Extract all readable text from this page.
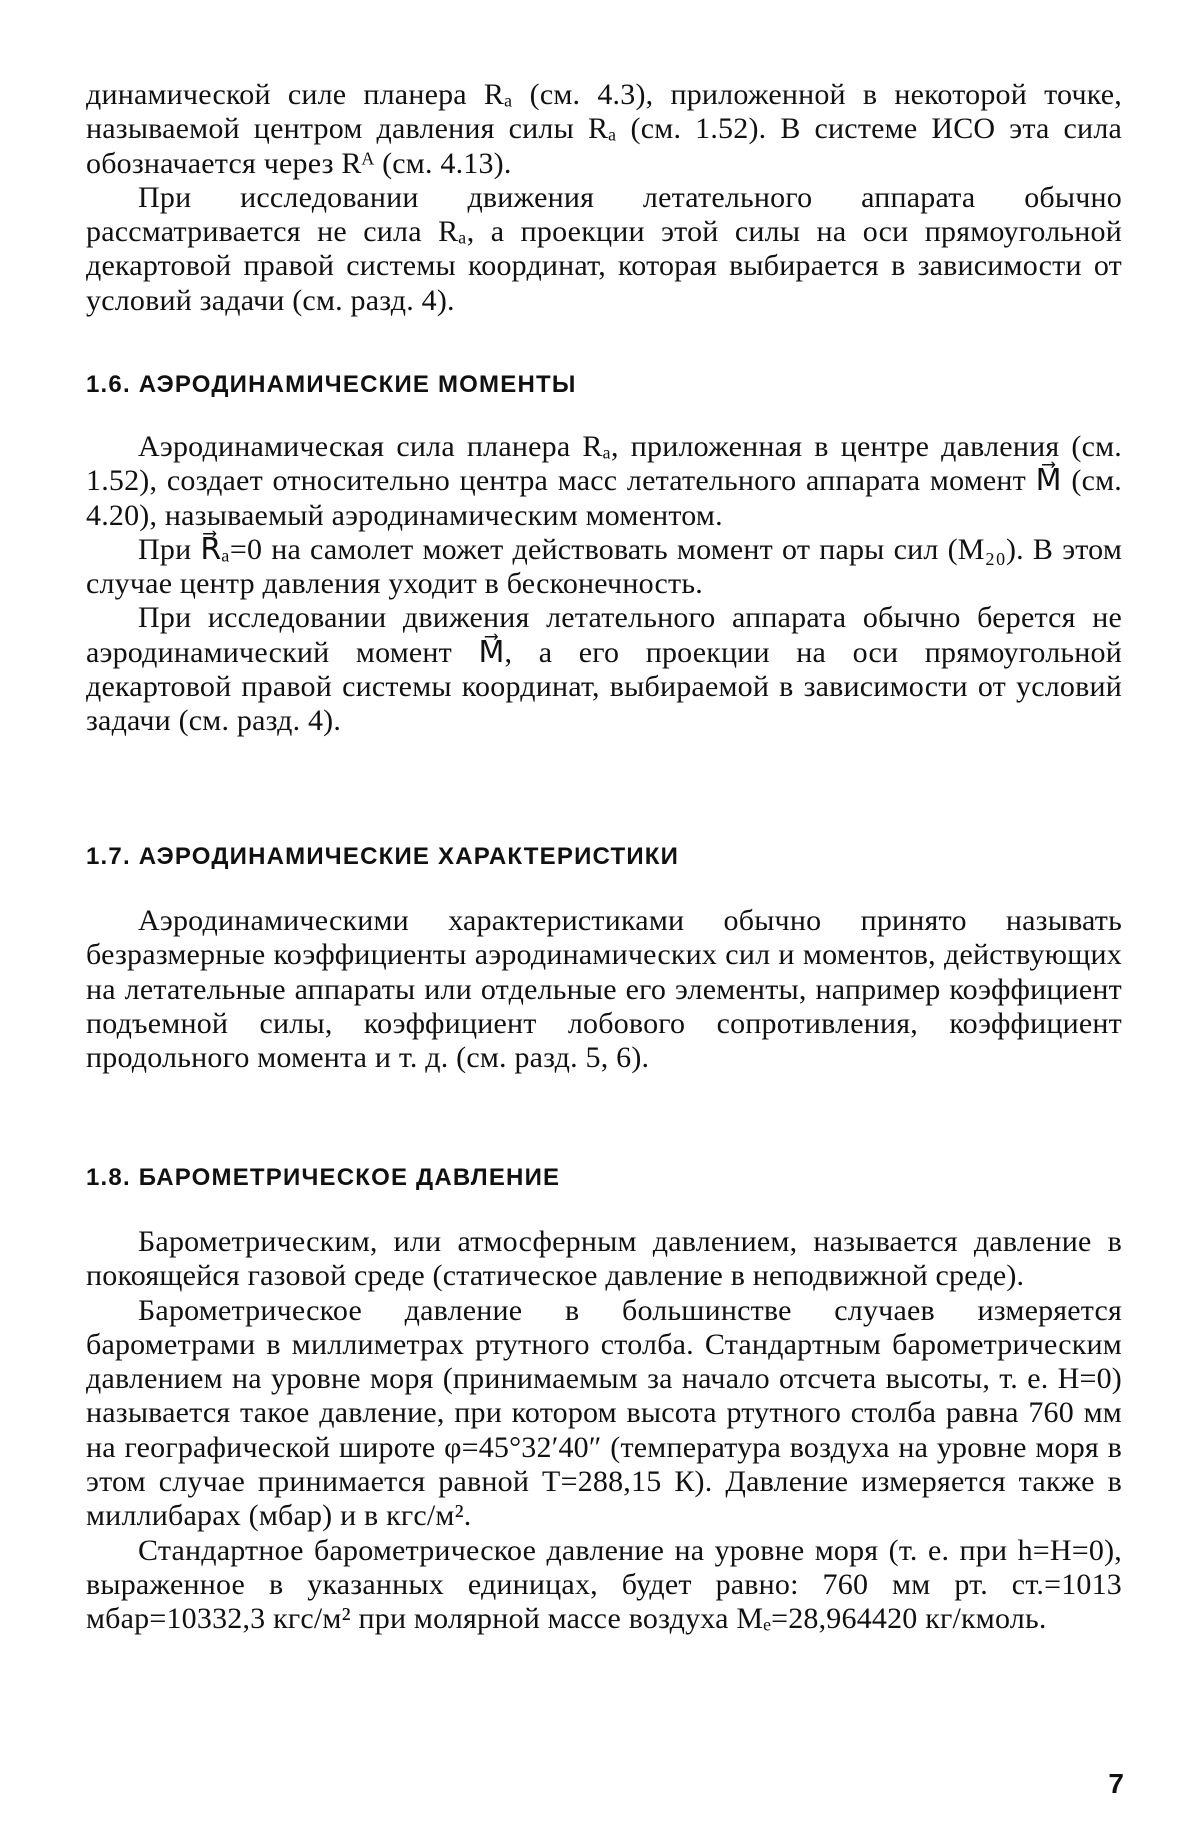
динамической силе планера Rₐ (см. 4.3), приложенной в некоторой точке, называемой центром давления силы Rₐ (см. 1.52). В системе ИСО эта сила обозначается через Rᴬ (см. 4.13).

При исследовании движения летательного аппарата обычно рассматривается не сила Rₐ, а проекции этой силы на оси прямоугольной декартовой правой системы координат, которая выбирается в зависимости от условий задачи (см. разд. 4).

1.6. АЭРОДИНАМИЧЕСКИЕ МОМЕНТЫ

Аэродинамическая сила планера Rₐ, приложенная в центре давления (см. 1.52), создает относительно центра масс летательного аппарата момент M⃗ (см. 4.20), называемый аэродинамическим моментом.

При R⃗ₐ=0 на самолет может действовать момент от пары сил (M₂₀). В этом случае центр давления уходит в бесконечность.

При исследовании движения летательного аппарата обычно берется не аэродинамический момент M⃗, а его проекции на оси прямоугольной декартовой правой системы координат, выбираемой в зависимости от условий задачи (см. разд. 4).

1.7. АЭРОДИНАМИЧЕСКИЕ ХАРАКТЕРИСТИКИ

Аэродинамическими характеристиками обычно принято называть безразмерные коэффициенты аэродинамических сил и моментов, действующих на летательные аппараты или отдельные его элементы, например коэффициент подъемной силы, коэффициент лобового сопротивления, коэффициент продольного момента и т. д. (см. разд. 5, 6).

1.8. БАРОМЕТРИЧЕСКОЕ ДАВЛЕНИЕ

Барометрическим, или атмосферным давлением, называется давление в покоящейся газовой среде (статическое давление в неподвижной среде).

Барометрическое давление в большинстве случаев измеряется барометрами в миллиметрах ртутного столба. Стандартным барометрическим давлением на уровне моря (принимаемым за начало отсчета высоты, т. е. H=0) называется такое давление, при котором высота ртутного столба равна 760 мм на географической широте φ=45°32′40″ (температура воздуха на уровне моря в этом случае принимается равной T=288,15 К). Давление измеряется также в миллибарах (мбар) и в кгс/м².

Стандартное барометрическое давление на уровне моря (т. е. при h=H=0), выраженное в указанных единицах, будет равно: 760 мм рт. ст.=1013 мбар=10332,3 кгс/м² при молярной массе воздуха Mₑ=28,964420 кг/кмоль.

7
